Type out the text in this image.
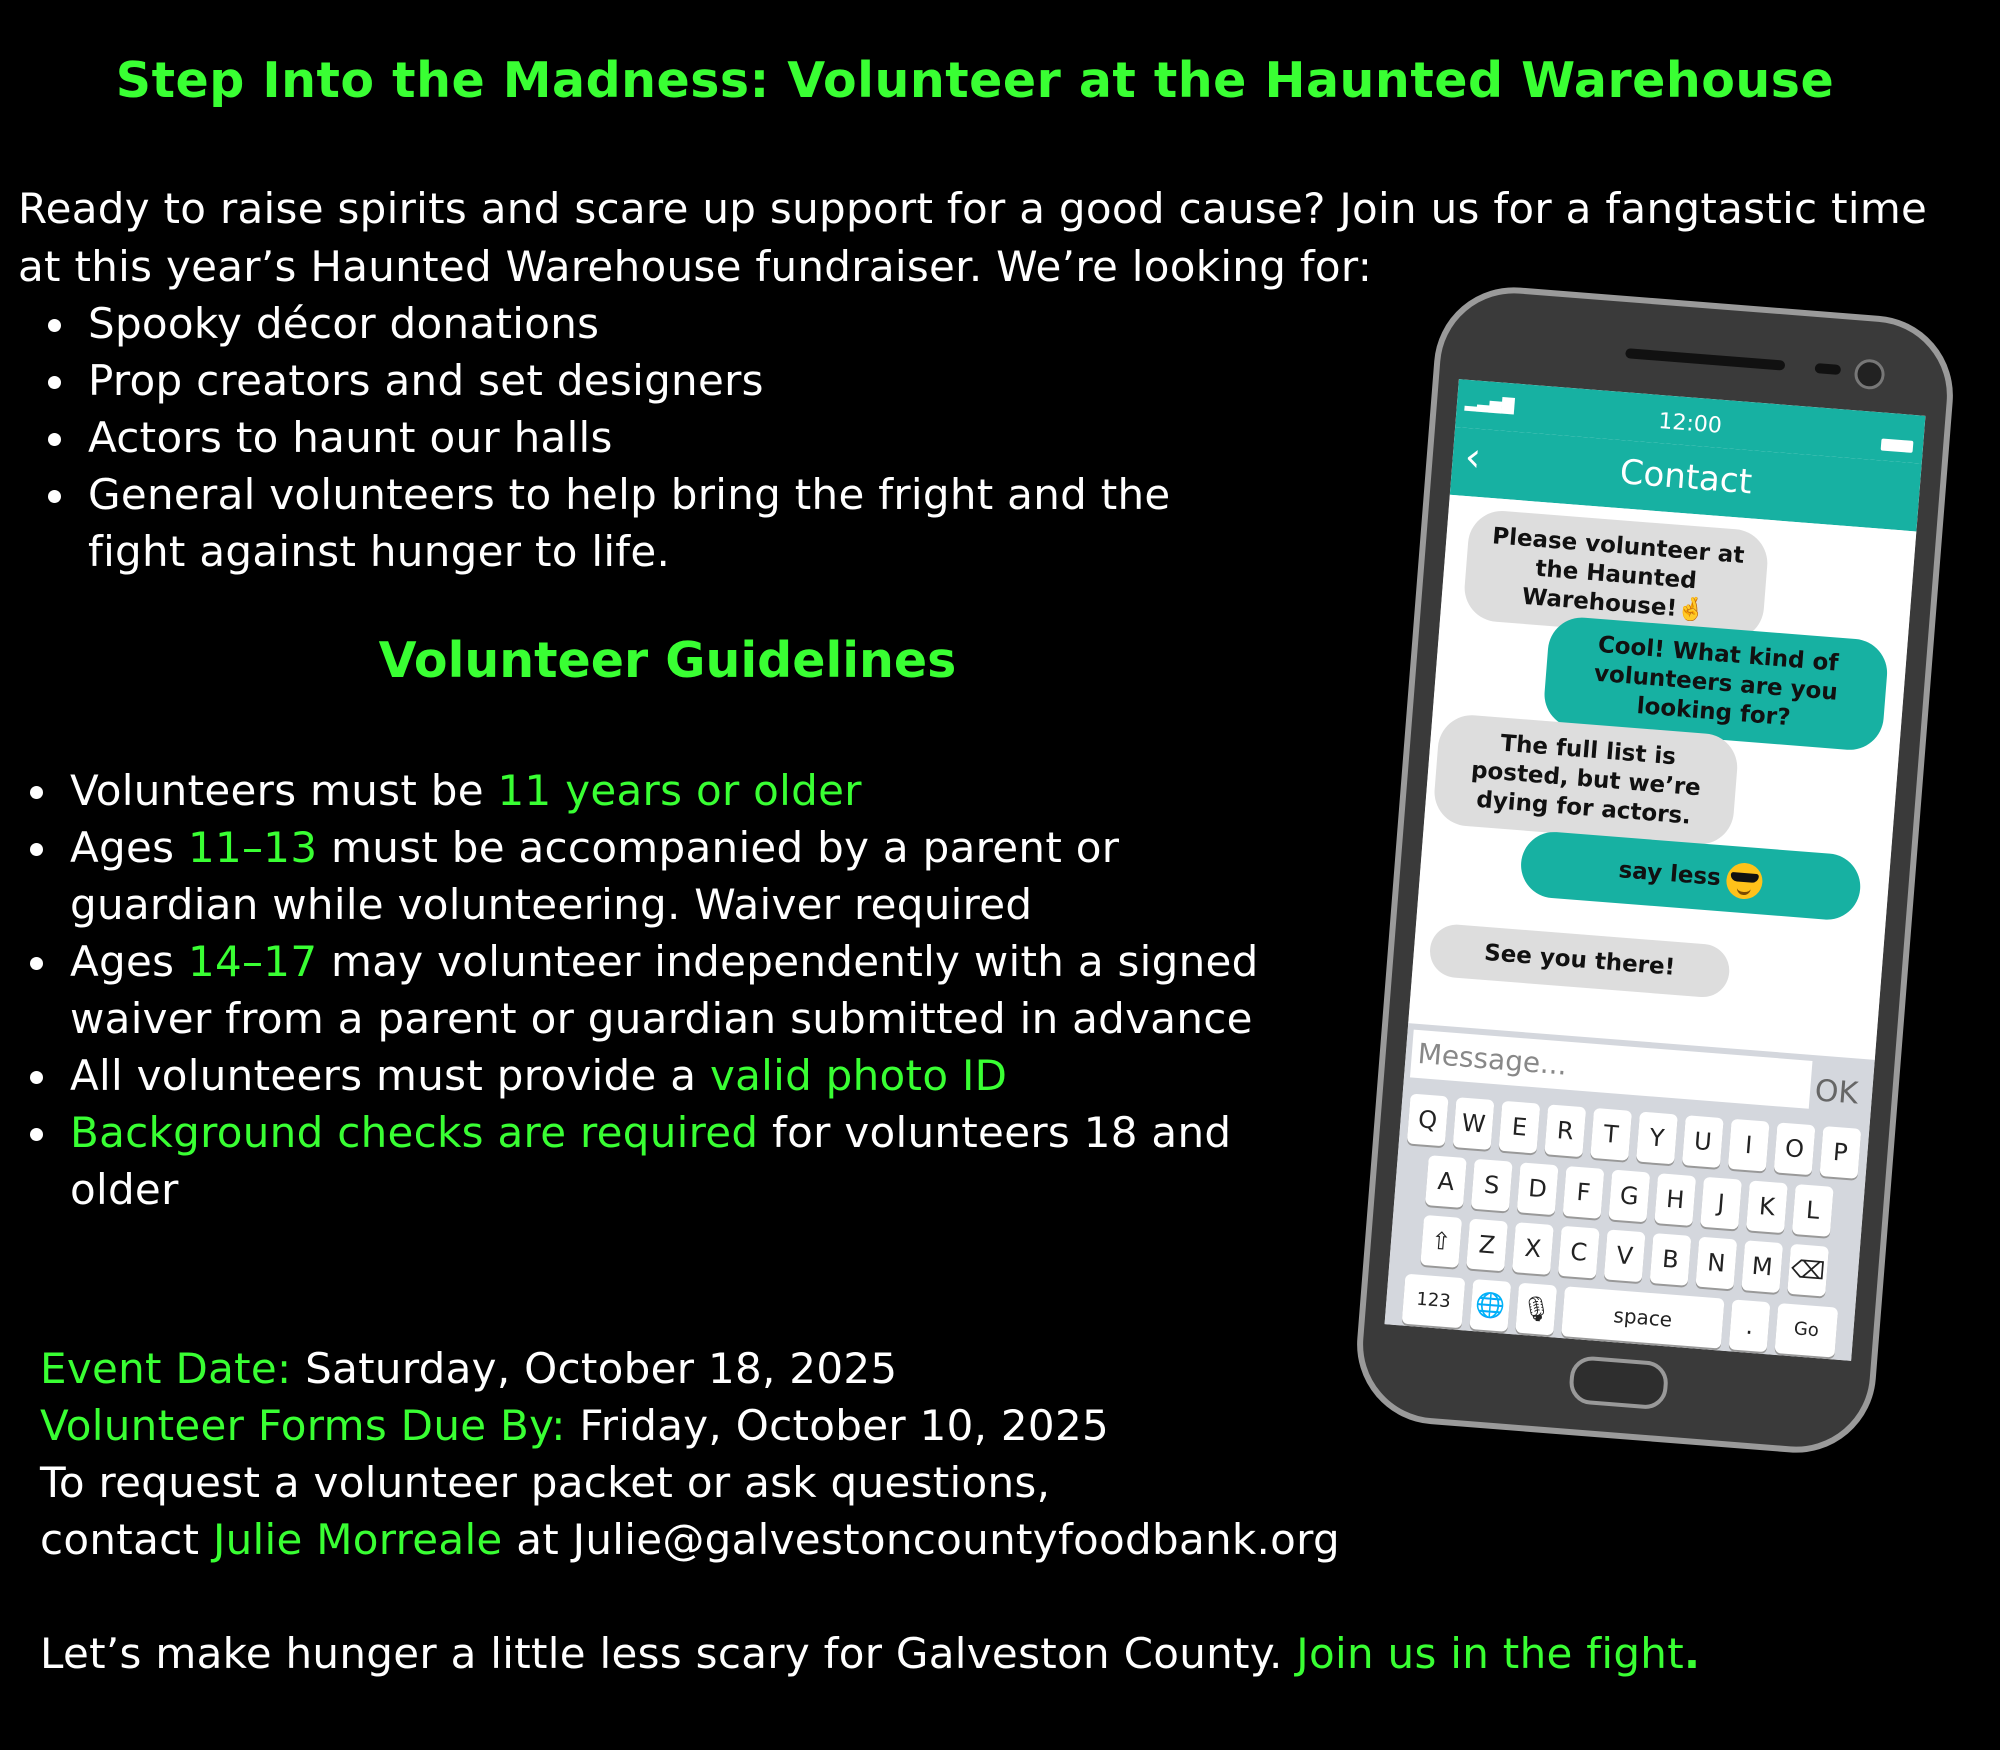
Step Into the Madness: Volunteer at the Haunted Warehouse
Ready to raise spirits and scare up support for a good cause? Join us for a fangtastic time at this year’s Haunted Warehouse fundraiser. We’re looking for:
Spooky décor donations
Prop creators and set designers
Actors to haunt our halls
General volunteers to help bring the fright and the fight against hunger to life.
Volunteer Guidelines
Volunteers must be 11 years or older
Ages 11–13 must be accompanied by a parent or guardian while volunteering. Waiver required
Ages 14–17 may volunteer independently with a signed waiver from a parent or guardian submitted in advance
All volunteers must provide a valid photo ID
Background checks are required for volunteers 18 and older
Event Date: Saturday, October 18, 2025
Volunteer Forms Due By: Friday, October 10, 2025
To request a volunteer packet or ask questions,
contact Julie Morreale at Julie@galvestoncountyfoodbank.org
Let’s make hunger a little less scary for Galveston County. Join us in the fight.
▂▃▅▇
12:00
‹	Contact
Please volunteer at the Haunted Warehouse!🤞
Cool! What kind of volunteers are you looking for?
The full list is posted, but we’re dying for actors.
say less
See you there!
Message...
OK
Q W	E	R	T	Y	U	I	O	P
A	S	D	F	G	H	J	K	L
⇧	Z	X	C	V	B	N	M ⌫
123 🌐 🎙	space	.	Go
